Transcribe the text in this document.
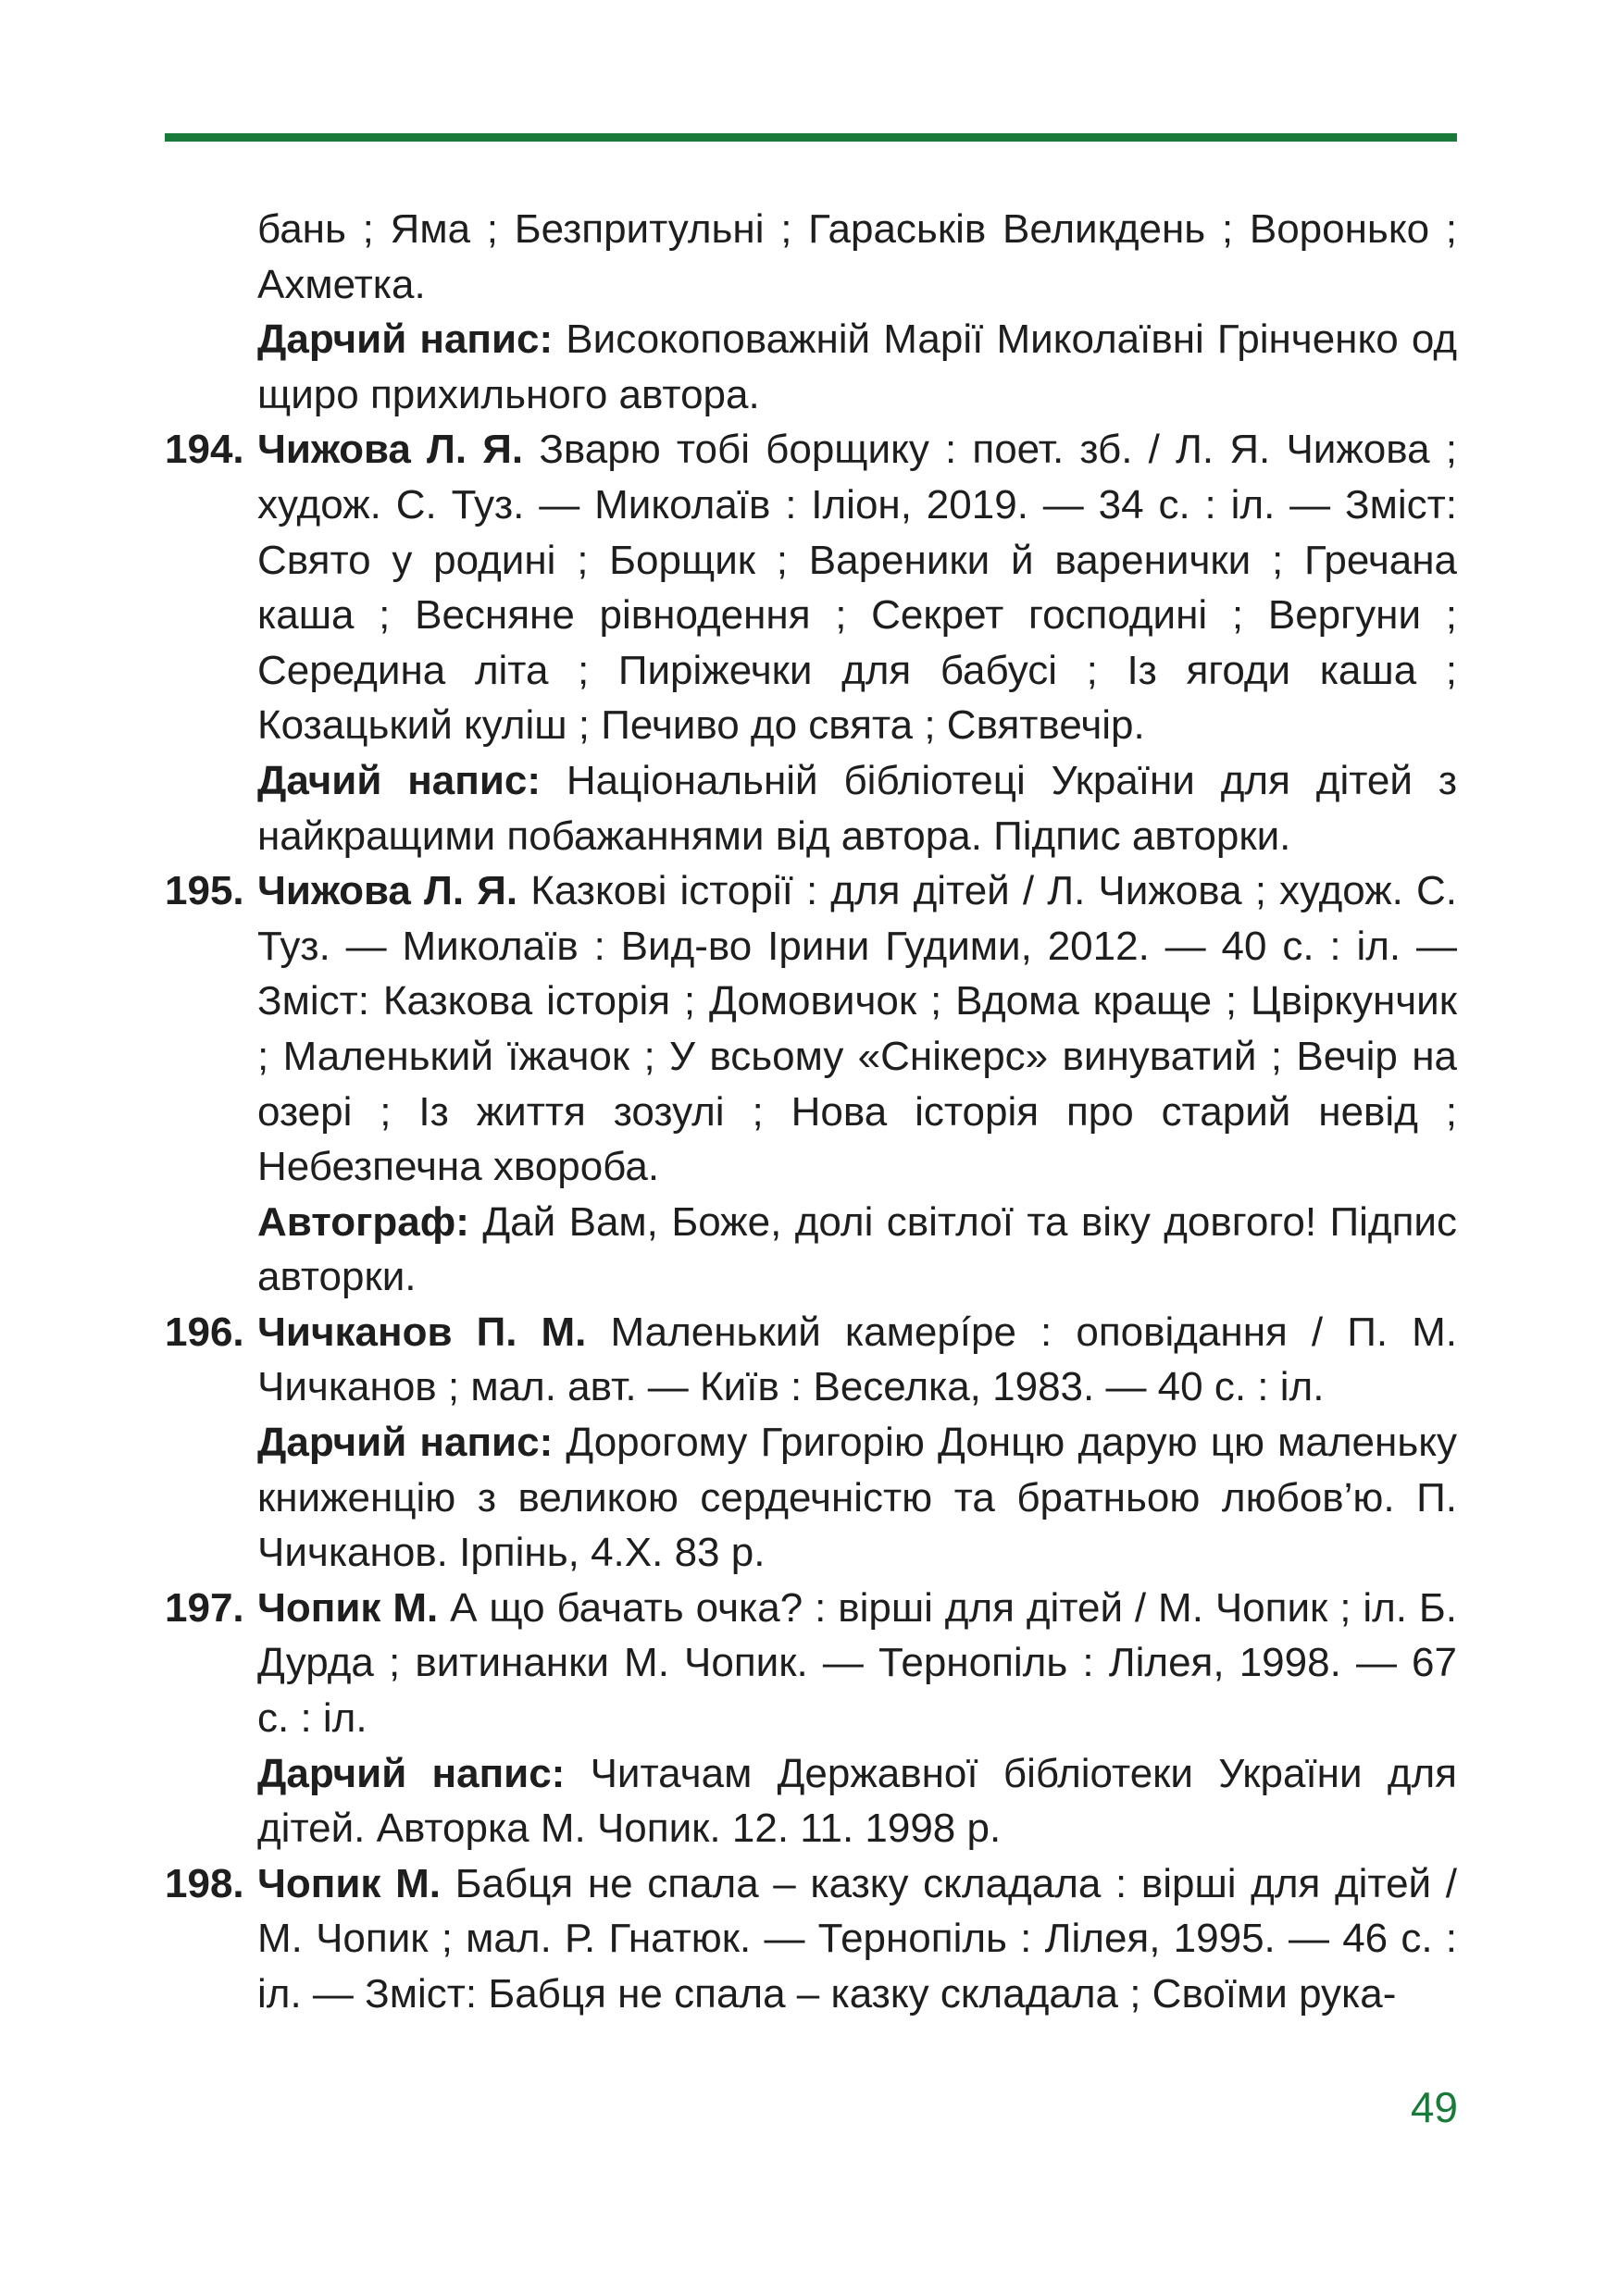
бань ; Яма ; Безпритульні ; Гараськів Великдень ; Воронько ; Ахметка.

Дарчий напис: Високоповажній Марії Миколаївні Грінченко од щиро прихильного автора.

194. Чижова Л. Я. Зварю тобі борщику : поет. зб. / Л. Я. Чижова ; худож. С. Туз. — Миколаїв : Іліон, 2019. — 34 с. : іл. — Зміст: Свято у родині ; Борщик ; Вареники й варенички ; Гречана каша ; Весняне рівнодення ; Секрет господині ; Вергуни ; Середина літа ; Пиріжечки для бабусі ; Із ягоди каша ; Козацький куліш ; Печиво до свята ; Святвечір.

Дачий напис: Національній бібліотеці України для дітей з найкращими побажаннями від автора. Підпис авторки.

195. Чижова Л. Я. Казкові історії : для дітей / Л. Чижова ; худож. С. Туз. — Миколаїв : Вид-во Ірини Гудими, 2012. — 40 с. : іл. — Зміст: Казкова історія ; Домовичок ; Вдома краще ; Цвіркунчик ; Маленький їжачок ; У всьому «Снікерс» винуватий ; Вечір на озері ; Із життя зозулі ; Нова історія про старий невід ; Небезпечна хвороба.

Автограф: Дай Вам, Боже, долі світлої та віку довгого! Підпис авторки.

196. Чичканов П. М. Маленький камерíре : оповідання / П. М. Чичканов ; мал. авт. — Київ : Веселка, 1983. — 40 с. : іл.

Дарчий напис: Дорогому Григорію Донцю дарую цю маленьку книженцію з великою сердечністю та братньою любов’ю. П. Чичканов. Ірпінь, 4.Х. 83 р.

197. Чопик М. А що бачать очка? : вірші для дітей / М. Чопик ; іл. Б. Дурда ; витинанки М. Чопик. — Тернопіль : Лілея, 1998. — 67 с. : іл.

Дарчий напис: Читачам Державної бібліотеки України для дітей. Авторка М. Чопик. 12. 11. 1998 р.

198. Чопик М. Бабця не спала – казку складала : вірші для дітей / М. Чопик ; мал. Р. Гнатюк. — Тернопіль : Лілея, 1995. — 46 с. : іл. — Зміст: Бабця не спала – казку складала ; Своїми рука-

49
